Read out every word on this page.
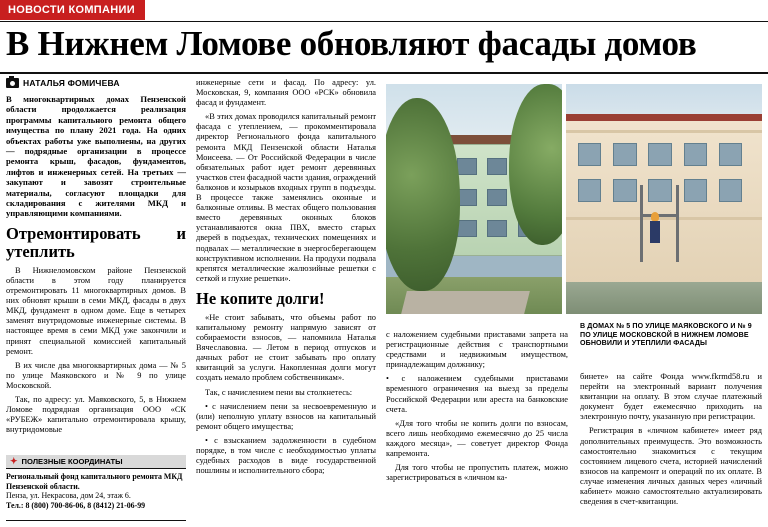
НОВОСТИ КОМПАНИИ
В Нижнем Ломове обновляют фасады домов
НАТАЛЬЯ ФОМИЧЕВА

В многоквартирных домах Пензенской области продолжается реализация программы капитального ремонта общего имущества по плану 2021 года. На одних объектах работы уже выполнены, на других — подрядные организации в процессе ремонта крыш, фасадов, фундаментов, лифтов и инженерных сетей. На третьих — закупают и завозят строительные материалы, согласуют площадки для складирования с жителями МКД и управляющими компаниями.

Отремонтировать и утеплить

В Нижнеломовском районе Пензенской области в этом году планируется отремонтировать 11 многоквартирных домов. В них обновят крыши в семи МКД, фасады в двух МКД, фундамент в одном доме. Еще в четырех заменят внутридомовые инженерные системы. В настоящее время в семи МКД уже закончили и принят специальной комиссией капитальный ремонт.

В их числе два многоквартирных дома — № 5 по улице Маяковского и № 9 по улице Московской.

Так, по адресу: ул. Маяковского, 5, в Нижнем Ломове подрядная организация ООО «СК «РУБЕЖ» капитально отремонтировала крышу, внутридомовые

инженерные сети и фасад. По адресу: ул. Московская, 9, компания ООО «РСК» обновила фасад и фундамент.

«В этих домах проводился капитальный ремонт фасада с утеплением, — прокомментировала директор Регионального фонда капитального ремонта МКД Пензенской области Наталья Моисеева. — От Российской Федерации в числе обязательных работ идет ремонт деревянных участков стен фасадной части здания, ограждений балконов и козырьков входных групп в подъезды. В процессе также заменялись оконные и балконные отливы. В местах общего пользования вместо деревянных оконных блоков устанавливаются окна ПВХ, вместо старых дверей в подъездах, технических помещениях и подвалах — металлические в энергосберегающем конструктивном исполнении. На продухи подвала крепятся металлические жалюзийные решетки с сеткой и глухие решетки».

Не копите долги!

«Не стоит забывать, что объемы работ по капитальному ремонту напрямую зависят от собираемости взносов, — напомнила Наталья Вячеславовна. — Летом в период отпусков и дачных работ не стоит забывать про оплату квитанций за услуги. Накопленная долги могут создать немало проблем собственникам».

Так, с начислением пени вы столкнетесь:

• с начислением пени за несвоевременную и (или) неполную уплату взносов на капитальный ремонт общего имущества;

• с взысканием задолженности в судебном порядке, в том числе с необходимостью уплаты судебных расходов в виде государственной пошлины и исполнительного сбора;

В ДОМАХ № 5 ПО УЛИЦЕ МАЯКОВСКОГО И № 9 ПО УЛИЦЕ МОСКОВСКОЙ В НИЖНЕМ ЛОМОВЕ ОБНОВИЛИ И УТЕПЛИЛИ ФАСАДЫ

с наложением судебными приставами запрета на регистрационные действия с транспортными средствами и недвижимым имуществом, принадлежащим должнику;

• с наложением судебными приставами временного ограничения на выезд за пределы Российской Федерации или ареста на банковские счета.

«Для того чтобы не копить долги по взносам, всего лишь необходимо ежемесячно до 25 числа каждого месяца», — советует директор Фонда капремонта.

Для того чтобы не пропустить платеж, можно зарегистрироваться в «личном ка-

бинете» на сайте Фонда www.fkrmd58.ru и перейти на электронный вариант получения квитанции на оплату. В этом случае платежный документ будет ежемесячно приходить на электронную почту, указанную при регистрации.

Регистрация в «личном кабинете» имеет ряд дополнительных преимуществ. Это возможность самостоятельно знакомиться с текущим состоянием лицевого счета, историей начислений взносов на капремонт и операций по их оплате. В случае изменения личных данных через «личный кабинет» можно самостоятельно актуализировать сведения в счет-квитанции.

✦ ПОЛЕЗНЫЕ КООРДИНАТЫ
Региональный фонд капитального ремонта МКД Пензенской области.
Пенза, ул. Некрасова, дом 24, этаж 6.
Тел.: 8 (800) 700-86-06, 8 (8412) 21-06-99
